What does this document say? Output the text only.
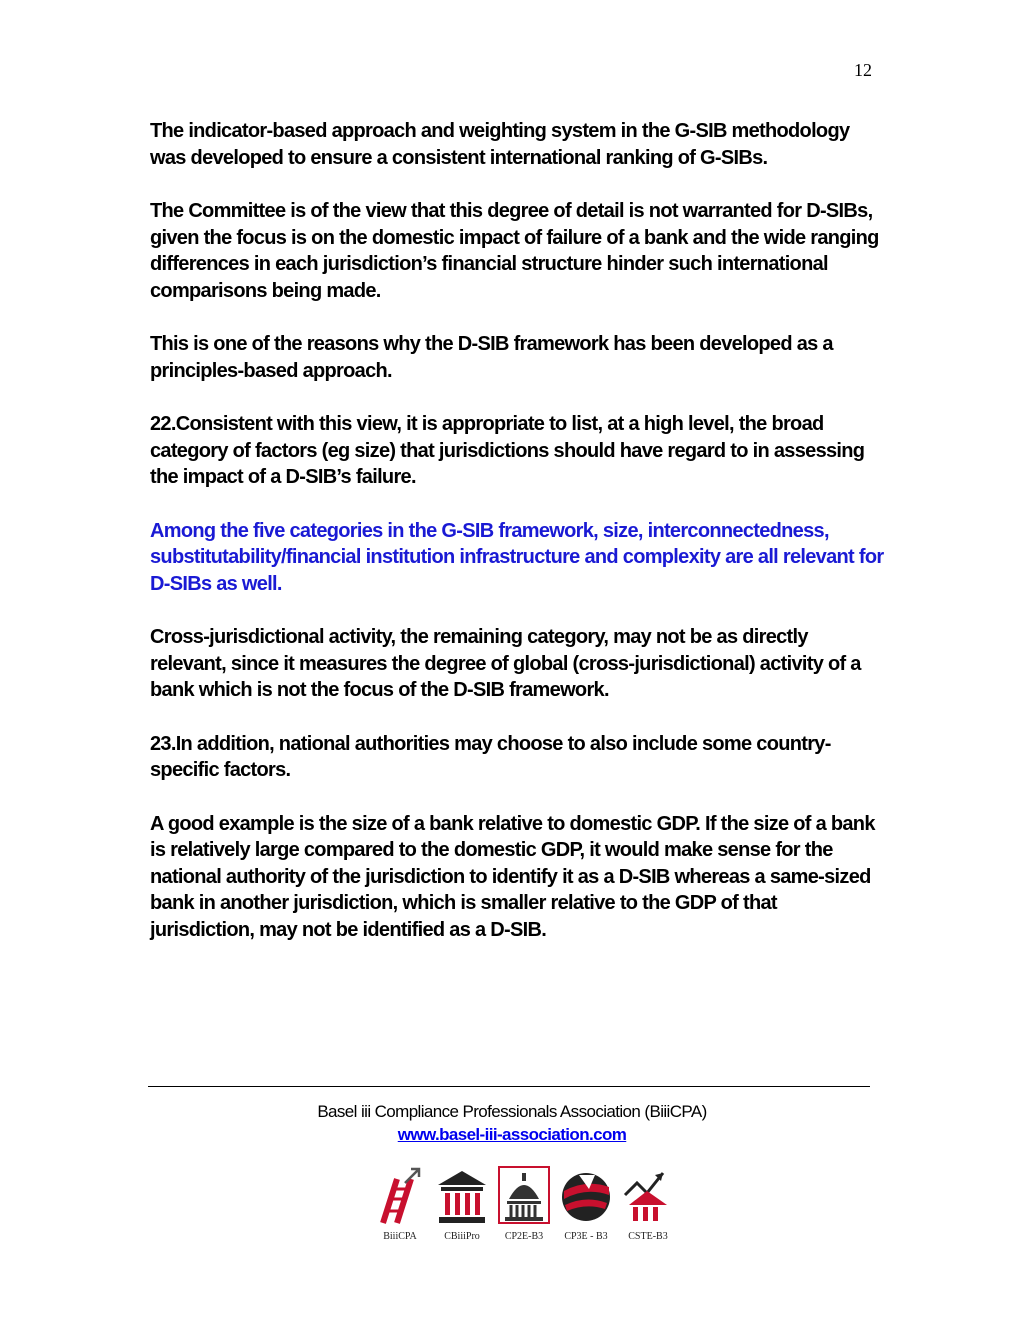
12

The indicator-based approach and weighting system in the G-SIB methodology was developed to ensure a consistent international ranking of G-SIBs.

The Committee is of the view that this degree of detail is not warranted for D-SIBs, given the focus is on the domestic impact of failure of a bank and the wide ranging differences in each jurisdiction’s financial structure hinder such international comparisons being made.

This is one of the reasons why the D-SIB framework has been developed as a principles-based approach.

22.Consistent with this view, it is appropriate to list, at a high level, the broad category of factors (eg size) that jurisdictions should have regard to in assessing the impact of a D-SIB’s failure.

Among the five categories in the G-SIB framework, size, interconnectedness, substitutability/financial institution infrastructure and complexity are all relevant for D-SIBs as well.

Cross-jurisdictional activity, the remaining category, may not be as directly relevant, since it measures the degree of global (cross-jurisdictional) activity of a bank which is not the focus of the D-SIB framework.

23.In addition, national authorities may choose to also include some country-specific factors.

A good example is the size of a bank relative to domestic GDP. If the size of a bank is relatively large compared to the domestic GDP, it would make sense for the national authority of the jurisdiction to identify it as a D-SIB whereas a same-sized bank in another jurisdiction, which is smaller relative to the GDP of that jurisdiction, may not be identified as a D-SIB.

Basel iii Compliance Professionals Association (BiiiCPA)
www.basel-iii-association.com
BiiiCPA	CBiiiPro	CP2E-B3	CP3E - B3	CSTE-B3
